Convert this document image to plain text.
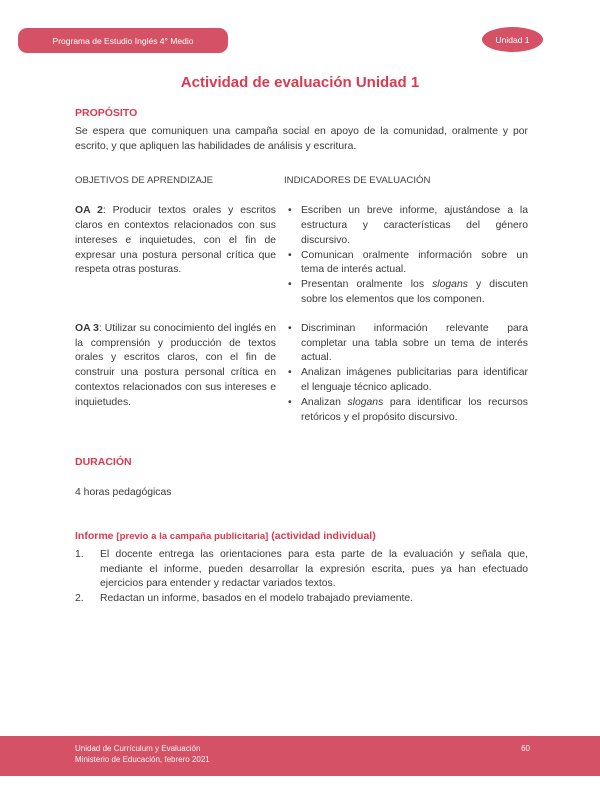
Programa de Estudio Inglés 4° Medio	Unidad 1
Actividad de evaluación Unidad 1
PROPÓSITO

Se espera que comuniquen una campaña social en apoyo de la comunidad, oralmente y por escrito, y que apliquen las habilidades de análisis y escritura.

OBJETIVOS DE APRENDIZAJE	INDICADORES DE EVALUACIÓN
OA 2: Producir textos orales y escritos claros en contextos relacionados con sus intereses e inquietudes, con el fin de expresar una postura personal crítica que respeta otras posturas.
• Escriben un breve informe, ajustándose a la estructura y características del género discursivo.
• Comunican oralmente información sobre un tema de interés actual.
• Presentan oralmente los slogans y discuten sobre los elementos que los componen.
OA 3: Utilizar su conocimiento del inglés en la comprensión y producción de textos orales y escritos claros, con el fin de construir una postura personal crítica en contextos relacionados con sus intereses e inquietudes.
• Discriminan información relevante para completar una tabla sobre un tema de interés actual.
• Analizan imágenes publicitarias para identificar el lenguaje técnico aplicado.
• Analizan slogans para identificar los recursos retóricos y el propósito discursivo.
DURACIÓN
4 horas pedagógicas
Informe [previo a la campaña publicitaria] (actividad individual)
1.	El docente entrega las orientaciones para esta parte de la evaluación y señala que, mediante el informe, pueden desarrollar la expresión escrita, pues ya han efectuado ejercicios para entender y redactar variados textos.
2.	Redactan un informe, basados en el modelo trabajado previamente.
Unidad de Currículum y Evaluación
Ministerio de Educación, febrero 2021
60
